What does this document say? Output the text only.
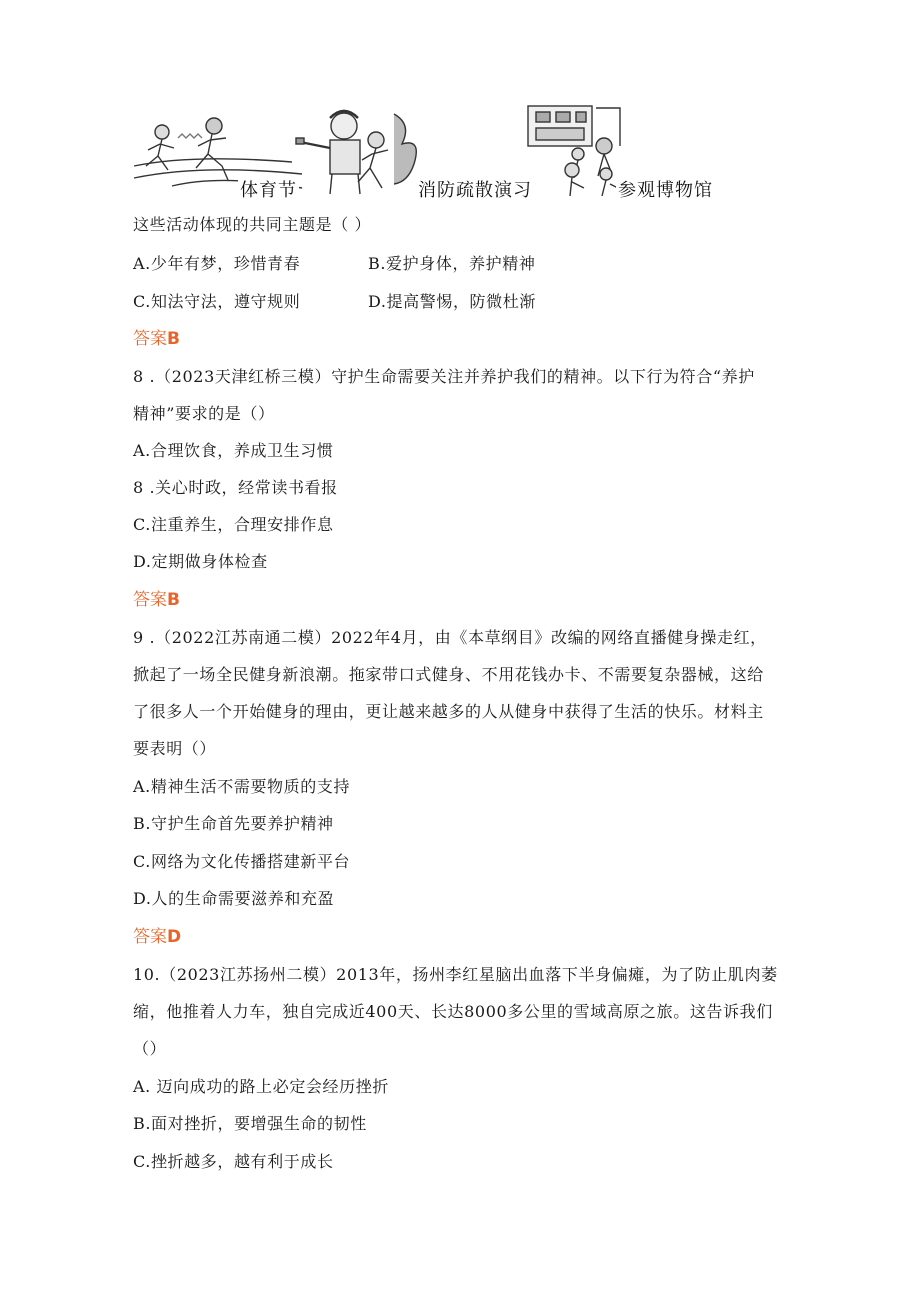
体育节	消防疏散演习	参观博物馆
这些活动体现的共同主题是（ ）
A.少年有梦，珍惜青春	B.爱护身体，养护精神
C.知法守法，遵守规则	D.提高警惕，防微杜渐
答案B
8 .（2023天津红桥三模）守护生命需要关注并养护我们的精神。以下行为符合“养护
精神”要求的是（）
A.合理饮食，养成卫生习惯
8 .关心时政，经常读书看报
C.注重养生，合理安排作息
D.定期做身体检查
答案B
9 .（2022江苏南通二模）2022年4月，由《本草纲目》改编的网络直播健身操走红，
掀起了一场全民健身新浪潮。拖家带口式健身、不用花钱办卡、不需要复杂器械，这给
了很多人一个开始健身的理由，更让越来越多的人从健身中获得了生活的快乐。材料主
要表明（）
A.精神生活不需要物质的支持
B.守护生命首先要养护精神
C.网络为文化传播搭建新平台
D.人的生命需要滋养和充盈
答案D
10.（2023江苏扬州二模）2013年，扬州李红星脑出血落下半身偏瘫，为了防止肌肉萎
缩，他推着人力车，独自完成近400天、长达8000多公里的雪域高原之旅。这告诉我们
（）
A. 迈向成功的路上必定会经历挫折
B.面对挫折，要增强生命的韧性
C.挫折越多，越有利于成长
